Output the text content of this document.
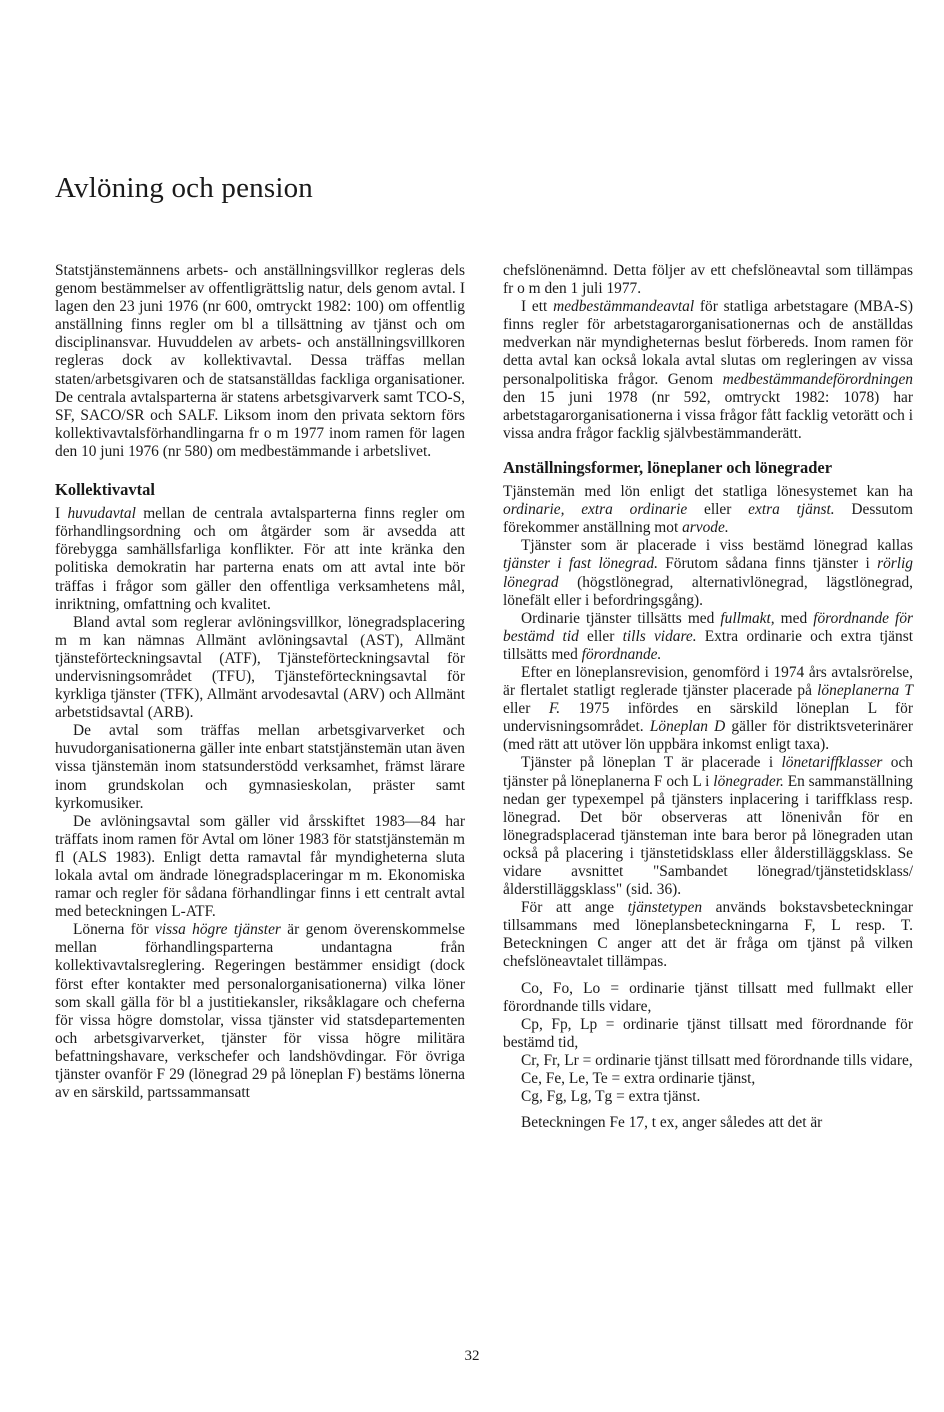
Avlöning och pension

Statstjänstemännens arbets- och anställningsvillkor regleras dels genom bestämmelser av offentligrättslig natur, dels genom avtal. I lagen den 23 juni 1976 (nr 600, omtryckt 1982: 100) om offentlig anställning finns regler om bl a tillsättning av tjänst och om disciplinansvar. Huvuddelen av arbets- och anställningsvillkoren regleras dock av kollektivavtal. Dessa träffas mellan staten/arbetsgivaren och de statsanställdas fackliga organisationer. De centrala avtalsparterna är statens arbetsgivarverk samt TCO-S, SF, SACO/SR och SALF. Liksom inom den privata sektorn förs kollektivavtalsförhandlingarna fr o m 1977 inom ramen för lagen den 10 juni 1976 (nr 580) om medbestämmande i arbetslivet.

Kollektivavtal

I huvudavtal mellan de centrala avtalsparterna finns regler om förhandlingsordning och om åtgärder som är avsedda att förebygga samhällsfarliga konflikter. För att inte kränka den politiska demokratin har parterna enats om att avtal inte bör träffas i frågor som gäller den offentliga verksamhetens mål, inriktning, omfattning och kvalitet.

Bland avtal som reglerar avlöningsvillkor, lönegradsplacering m m kan nämnas Allmänt avlöningsavtal (AST), Allmänt tjänsteförteckningsavtal (ATF), Tjänsteförteckningsavtal för undervisningsområdet (TFU), Tjänsteförteckningsavtal för kyrkliga tjänster (TFK), Allmänt arvodesavtal (ARV) och Allmänt arbetstidsavtal (ARB).

De avtal som träffas mellan arbetsgivarverket och huvudorganisationerna gäller inte enbart statstjänstemän utan även vissa tjänstemän inom statsunderstödd verksamhet, främst lärare inom grundskolan och gymnasieskolan, präster samt kyrkomusiker.

De avlöningsavtal som gäller vid årsskiftet 1983—84 har träffats inom ramen för Avtal om löner 1983 för statstjänstemän m fl (ALS 1983). Enligt detta ramavtal får myndigheterna sluta lokala avtal om ändrade lönegradsplaceringar m m. Ekonomiska ramar och regler för sådana förhandlingar finns i ett centralt avtal med beteckningen L-ATF.

Lönerna för vissa högre tjänster är genom överenskommelse mellan förhandlingsparterna undantagna från kollektivavtalsreglering. Regeringen bestämmer ensidigt (dock först efter kontakter med personalorganisationerna) vilka löner som skall gälla för bl a justitiekansler, riksåklagare och cheferna för vissa högre domstolar, vissa tjänster vid statsdepartementen och arbetsgivarverket, tjänster för vissa högre militära befattningshavare, verkschefer och landshövdingar. För övriga tjänster ovanför F 29 (lönegrad 29 på löneplan F) bestäms lönerna av en särskild, partssammansatt

chefslönenämnd. Detta följer av ett chefslöneavtal som tillämpas fr o m den 1 juli 1977.

I ett medbestämmandeavtal för statliga arbetstagare (MBA-S) finns regler för arbetstagarorganisationernas och de anställdas medverkan när myndigheternas beslut förbereds. Inom ramen för detta avtal kan också lokala avtal slutas om regleringen av vissa personalpolitiska frågor. Genom medbestämmandeförordningen den 15 juni 1978 (nr 592, omtryckt 1982: 1078) har arbetstagarorganisationerna i vissa frågor fått facklig vetorätt och i vissa andra frågor facklig självbestämmanderätt.

Anställningsformer, löneplaner och lönegrader

Tjänstemän med lön enligt det statliga lönesystemet kan ha ordinarie, extra ordinarie eller extra tjänst. Dessutom förekommer anställning mot arvode.

Tjänster som är placerade i viss bestämd lönegrad kallas tjänster i fast lönegrad. Förutom sådana finns tjänster i rörlig lönegrad (högstlönegrad, alternativlönegrad, lägstlönegrad, lönefält eller i befordringsgång).

Ordinarie tjänster tillsätts med fullmakt, med förordnande för bestämd tid eller tills vidare. Extra ordinarie och extra tjänst tillsätts med förordnande.

Efter en löneplansrevision, genomförd i 1974 års avtalsrörelse, är flertalet statligt reglerade tjänster placerade på löneplanerna T eller F. 1975 infördes en särskild löneplan L för undervisningsområdet. Löneplan D gäller för distriktsveterinärer (med rätt att utöver lön uppbära inkomst enligt taxa).

Tjänster på löneplan T är placerade i lönetariffklasser och tjänster på löneplanerna F och L i lönegrader. En sammanställning nedan ger typexempel på tjänsters inplacering i tariffklass resp. lönegrad. Det bör observeras att lönenivån för en lönegradsplacerad tjänsteman inte bara beror på lönegraden utan också på placering i tjänstetidsklass eller ålderstilläggsklass. Se vidare avsnittet "Sambandet lönegrad/tjänstetidsklass/ålderstilläggsklass" (sid. 36).

För att ange tjänstetypen används bokstavsbeteckningar tillsammans med löneplansbeteckningarna F, L resp. T. Beteckningen C anger att det är fråga om tjänst på vilken chefslöneavtalet tillämpas.

Co, Fo, Lo = ordinarie tjänst tillsatt med fullmakt eller förordnande tills vidare,

Cp, Fp, Lp = ordinarie tjänst tillsatt med förordnande för bestämd tid,

Cr, Fr, Lr = ordinarie tjänst tillsatt med förordnande tills vidare,

Ce, Fe, Le, Te = extra ordinarie tjänst,

Cg, Fg, Lg, Tg = extra tjänst.

Beteckningen Fe 17, t ex, anger således att det är

32
